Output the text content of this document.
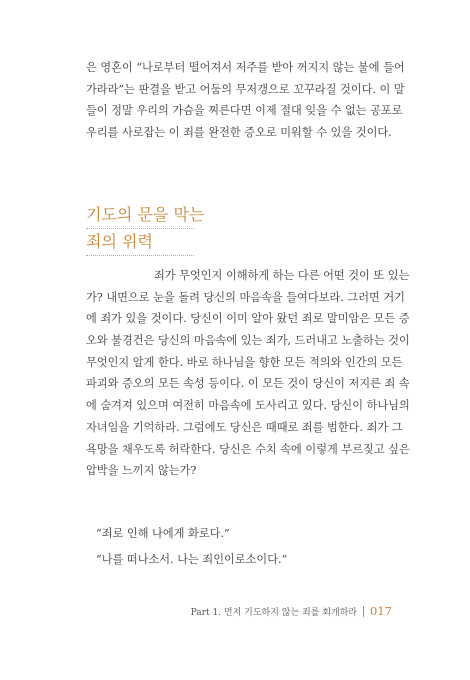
은 영혼이 “나로부터 떨어져서 저주를 받아 꺼지지 않는 불에 들어
가라라”는 판결을 받고 어둠의 무저갱으로 꼬꾸라질 것이다. 이 말
들이 정말 우리의 가슴을 찌른다면 이제 절대 잊을 수 없는 공포로
우리를 사로잡는 이 죄를 완전한 증오로 미워할 수 있을 것이다.
기도의 문을 막는
죄의 위력
죄가 무엇인지 이해하게 하는 다른 어떤 것이 또 있는
가? 내면으로 눈을 돌려 당신의 마음속을 들여다보라. 그러면 거기
에 죄가 있을 것이다. 당신이 이미 알아 왔던 죄로 말미암은 모든 증
오와 불경건은 당신의 마음속에 있는 죄가, 드러내고 노출하는 것이
무엇인지 알게 한다. 바로 하나님을 향한 모든 적의와 인간의 모든
파괴와 증오의 모든 속성 등이다. 이 모든 것이 당신이 저지른 죄 속
에 숨겨져 있으며 여전히 마음속에 도사리고 있다. 당신이 하나님의
자녀임을 기억하라. 그럼에도 당신은 때때로 죄를 범한다. 죄가 그
욕망을 채우도록 허락한다. 당신은 수치 속에 이렇게 부르짖고 싶은
압박을 느끼지 않는가?
“죄로 인해 나에게 화로다.”
“나를 떠나소서. 나는 죄인이로소이다.”
Part 1. 먼저 기도하지 않는 죄를 회개하라 017
